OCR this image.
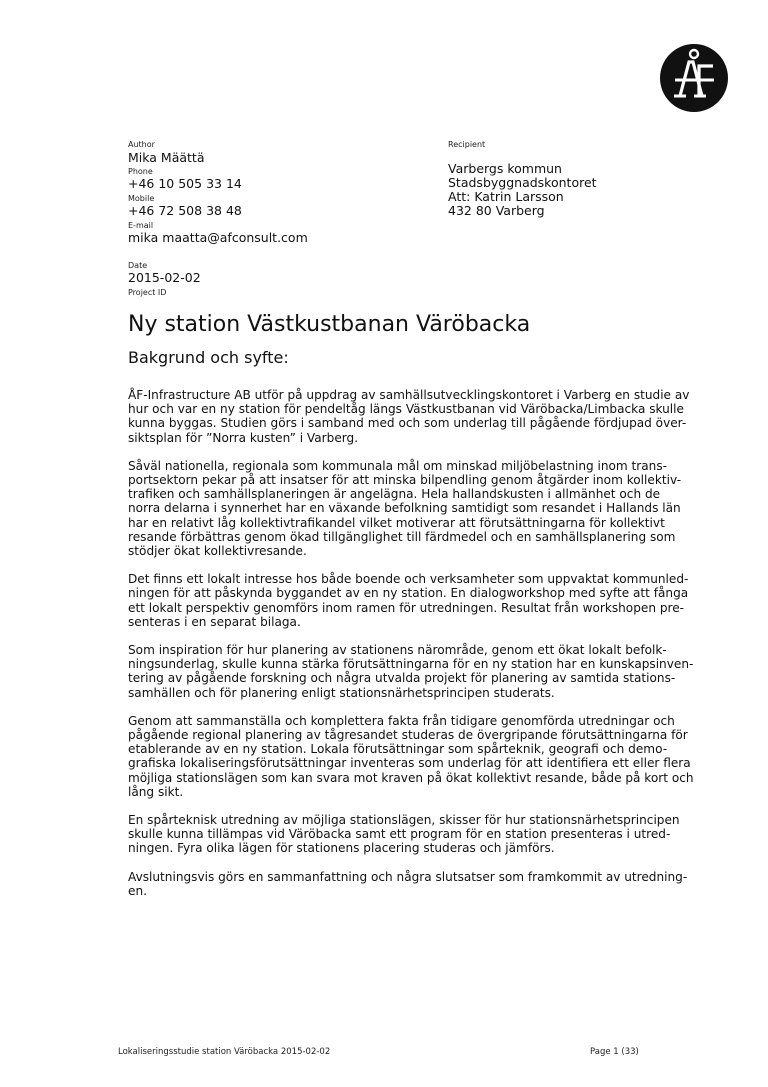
Author
Mika Määttä
Phone
+46 10 505 33 14
Mobile
+46 72 508 38 48
E-mail
mika maatta@afconsult.com
Date
2015-02-02
Project ID
Recipient
Varbergs kommun
Stadsbyggnadskontoret
Att: Katrin Larsson
432 80 Varberg
Ny station Västkustbanan Väröbacka
Bakgrund och syfte:

ÅF-Infrastructure AB utför på uppdrag av samhällsutvecklingskontoret i Varberg en studie av
hur och var en ny station för pendeltåg längs Västkustbanan vid Väröbacka/Limbacka skulle
kunna byggas. Studien görs i samband med och som underlag till pågående fördjupad över-
siktsplan för ”Norra kusten” i Varberg.

Såväl nationella, regionala som kommunala mål om minskad miljöbelastning inom trans-
portsektorn pekar på att insatser för att minska bilpendling genom åtgärder inom kollektiv-
trafiken och samhällsplaneringen är angelägna. Hela hallandskusten i allmänhet och de
norra delarna i synnerhet har en växande befolkning samtidigt som resandet i Hallands län
har en relativt låg kollektivtrafikandel vilket motiverar att förutsättningarna för kollektivt
resande förbättras genom ökad tillgänglighet till färdmedel och en samhällsplanering som
stödjer ökat kollektivresande.

Det finns ett lokalt intresse hos både boende och verksamheter som uppvaktat kommunled-
ningen för att påskynda byggandet av en ny station. En dialogworkshop med syfte att fånga
ett lokalt perspektiv genomförs inom ramen för utredningen. Resultat från workshopen pre-
senteras i en separat bilaga.

Som inspiration för hur planering av stationens närområde, genom ett ökat lokalt befolk-
ningsunderlag, skulle kunna stärka förutsättningarna för en ny station har en kunskapsinven-
tering av pågående forskning och några utvalda projekt för planering av samtida stations-
samhällen och för planering enligt stationsnärhetsprincipen studerats.

Genom att sammanställa och komplettera fakta från tidigare genomförda utredningar och
pågående regional planering av tågresandet studeras de övergripande förutsättningarna för
etablerande av en ny station. Lokala förutsättningar som spårteknik, geografi och demo-
grafiska lokaliseringsförutsättningar inventeras som underlag för att identifiera ett eller flera
möjliga stationslägen som kan svara mot kraven på ökat kollektivt resande, både på kort och
lång sikt.

En spårteknisk utredning av möjliga stationslägen, skisser för hur stationsnärhetsprincipen
skulle kunna tillämpas vid Väröbacka samt ett program för en station presenteras i utred-
ningen. Fyra olika lägen för stationens placering studeras och jämförs.

Avslutningsvis görs en sammanfattning och några slutsatser som framkommit av utredning-
en.

Lokaliseringsstudie station Väröbacka 2015-02-02	Page 1 (33)
